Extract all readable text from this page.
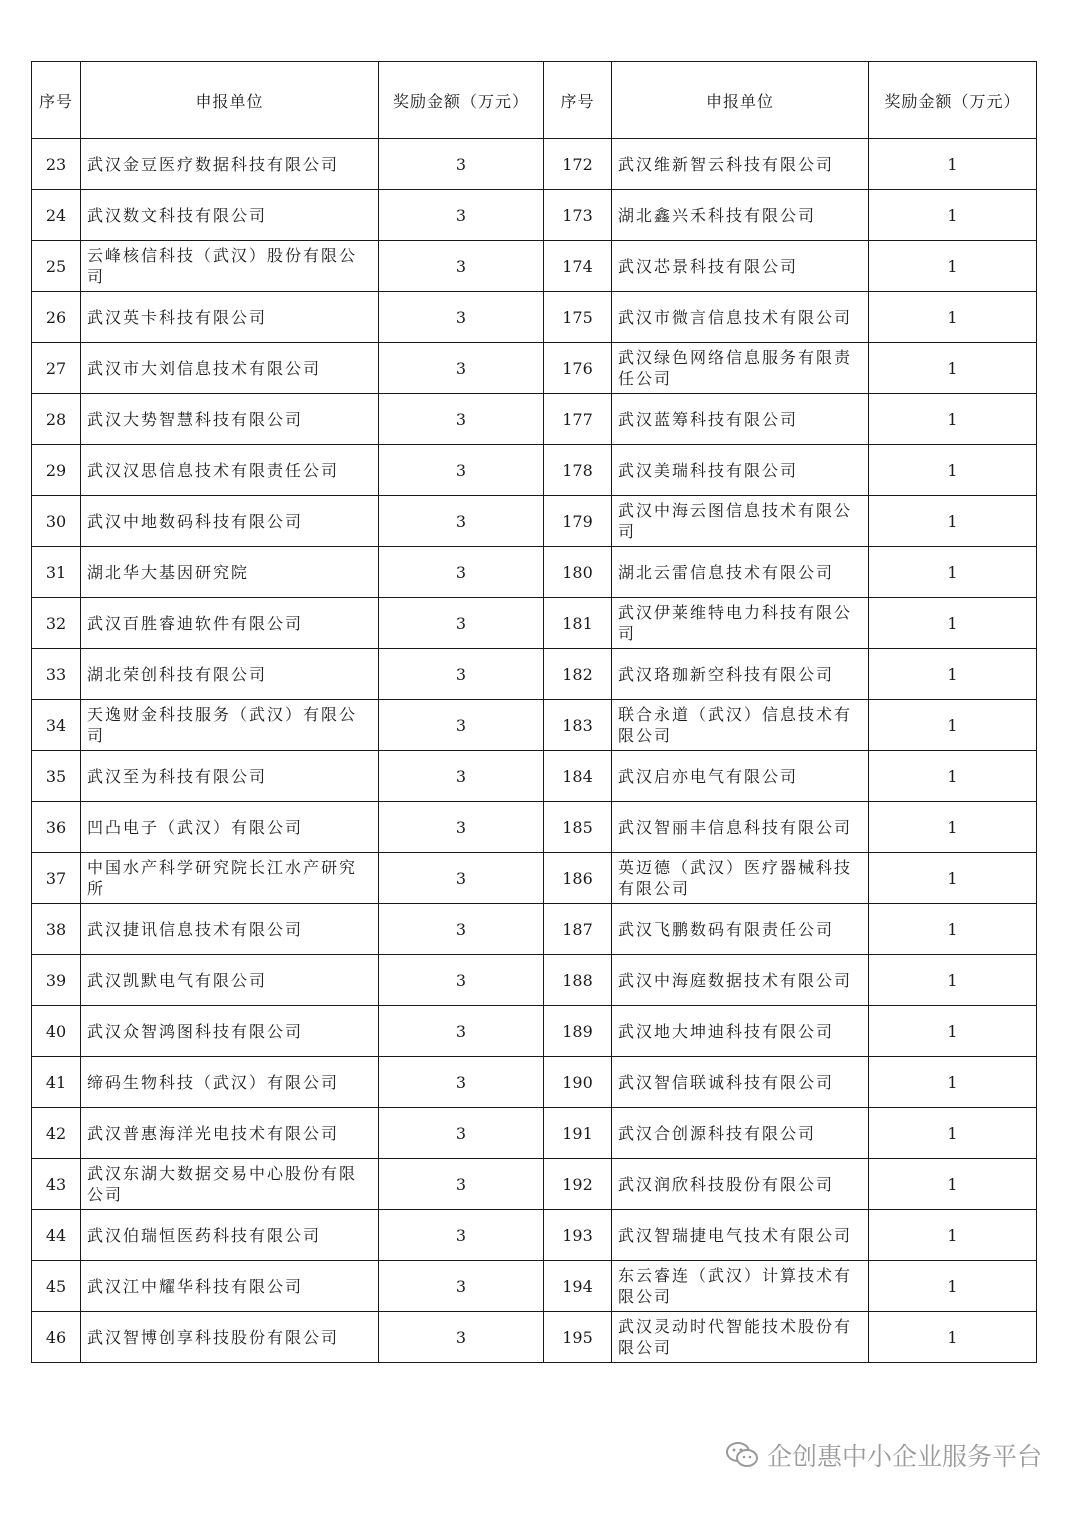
序号	申报单位	奖励金额（万元）	序号	申报单位	奖励金额（万元）
23	武汉金豆医疗数据科技有限公司	3	172	武汉维新智云科技有限公司	1
24	武汉数文科技有限公司	3	173	湖北鑫兴禾科技有限公司	1
25	云峰核信科技（武汉）股份有限公司	3	174	武汉芯景科技有限公司	1
26	武汉英卡科技有限公司	3	175	武汉市微言信息技术有限公司	1
27	武汉市大刘信息技术有限公司	3	176	武汉绿色网络信息服务有限责任公司	1
28	武汉大势智慧科技有限公司	3	177	武汉蓝筹科技有限公司	1
29	武汉汉思信息技术有限责任公司	3	178	武汉美瑞科技有限公司	1
30	武汉中地数码科技有限公司	3	179	武汉中海云图信息技术有限公司	1
31	湖北华大基因研究院	3	180	湖北云雷信息技术有限公司	1
32	武汉百胜睿迪软件有限公司	3	181	武汉伊莱维特电力科技有限公司	1
33	湖北荣创科技有限公司	3	182	武汉珞珈新空科技有限公司	1
34	天逸财金科技服务（武汉）有限公司	3	183	联合永道（武汉）信息技术有限公司	1
35	武汉至为科技有限公司	3	184	武汉启亦电气有限公司	1
36	凹凸电子（武汉）有限公司	3	185	武汉智丽丰信息科技有限公司	1
37	中国水产科学研究院长江水产研究所	3	186	英迈德（武汉）医疗器械科技有限公司	1
38	武汉捷讯信息技术有限公司	3	187	武汉飞鹏数码有限责任公司	1
39	武汉凯默电气有限公司	3	188	武汉中海庭数据技术有限公司	1
40	武汉众智鸿图科技有限公司	3	189	武汉地大坤迪科技有限公司	1
41	缔码生物科技（武汉）有限公司	3	190	武汉智信联诚科技有限公司	1
42	武汉普惠海洋光电技术有限公司	3	191	武汉合创源科技有限公司	1
43	武汉东湖大数据交易中心股份有限公司	3	192	武汉润欣科技股份有限公司	1
44	武汉伯瑞恒医药科技有限公司	3	193	武汉智瑞捷电气技术有限公司	1
45	武汉江中耀华科技有限公司	3	194	东云睿连（武汉）计算技术有限公司	1
46	武汉智博创享科技股份有限公司	3	195	武汉灵动时代智能技术股份有限公司	1
企创惠中小企业服务平台
